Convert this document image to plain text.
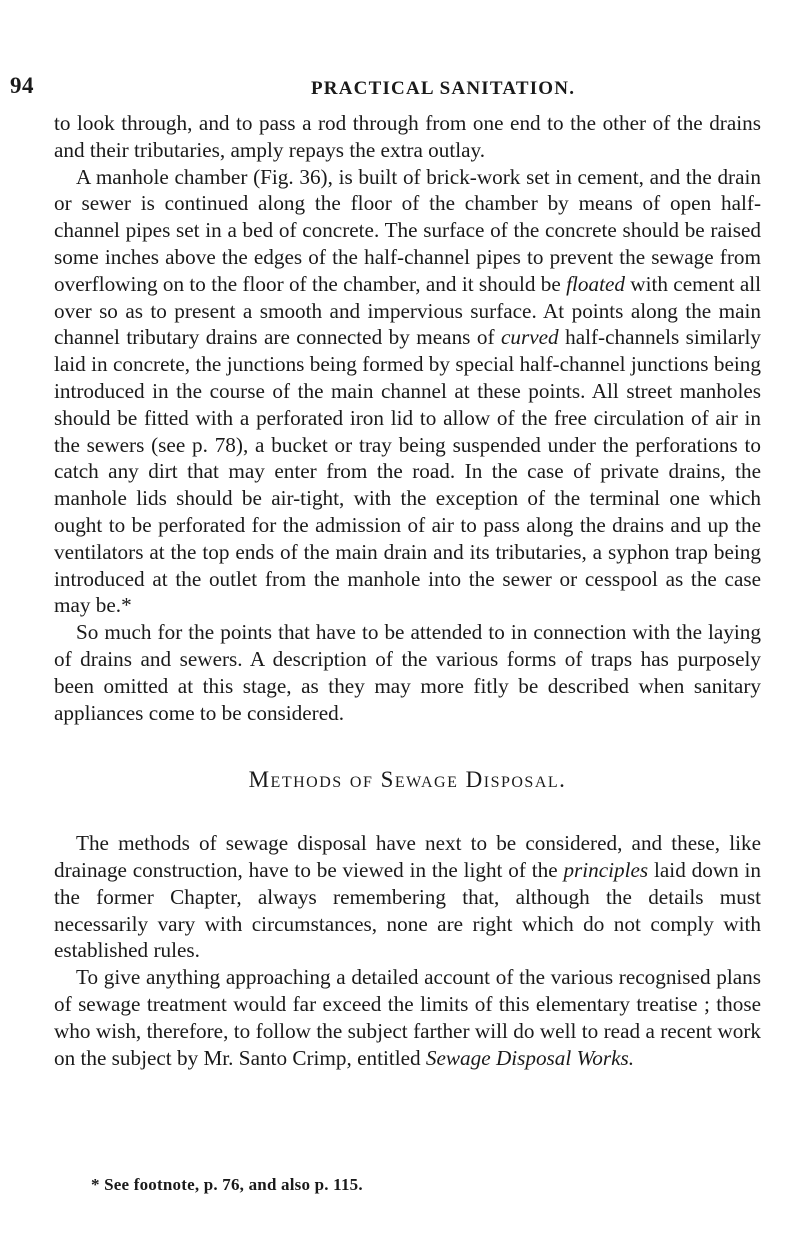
94	PRACTICAL SANITATION.

to look through, and to pass a rod through from one end to the other of the drains and their tributaries, amply repays the extra outlay.

A manhole chamber (Fig. 36), is built of brick-work set in cement, and the drain or sewer is continued along the floor of the chamber by means of open half-channel pipes set in a bed of concrete. The surface of the concrete should be raised some inches above the edges of the half-channel pipes to prevent the sewage from overflowing on to the floor of the chamber, and it should be floated with cement all over so as to present a smooth and impervious surface. At points along the main channel tributary drains are connected by means of curved half-channels similarly laid in concrete, the junctions being formed by special half-channel junctions being introduced in the course of the main channel at these points. All street manholes should be fitted with a perforated iron lid to allow of the free circulation of air in the sewers (see p. 78), a bucket or tray being suspended under the perforations to catch any dirt that may enter from the road. In the case of private drains, the manhole lids should be air-tight, with the exception of the terminal one which ought to be perforated for the admission of air to pass along the drains and up the ventilators at the top ends of the main drain and its tributaries, a syphon trap being introduced at the outlet from the manhole into the sewer or cesspool as the case may be.*

So much for the points that have to be attended to in connection with the laying of drains and sewers. A description of the various forms of traps has purposely been omitted at this stage, as they may more fitly be described when sanitary appliances come to be considered.

Methods of Sewage Disposal.

The methods of sewage disposal have next to be considered, and these, like drainage construction, have to be viewed in the light of the principles laid down in the former Chapter, always remembering that, although the details must necessarily vary with circumstances, none are right which do not comply with established rules.

To give anything approaching a detailed account of the various recognised plans of sewage treatment would far exceed the limits of this elementary treatise ; those who wish, therefore, to follow the subject farther will do well to read a recent work on the subject by Mr. Santo Crimp, entitled Sewage Disposal Works.

* See footnote, p. 76, and also p. 115.
